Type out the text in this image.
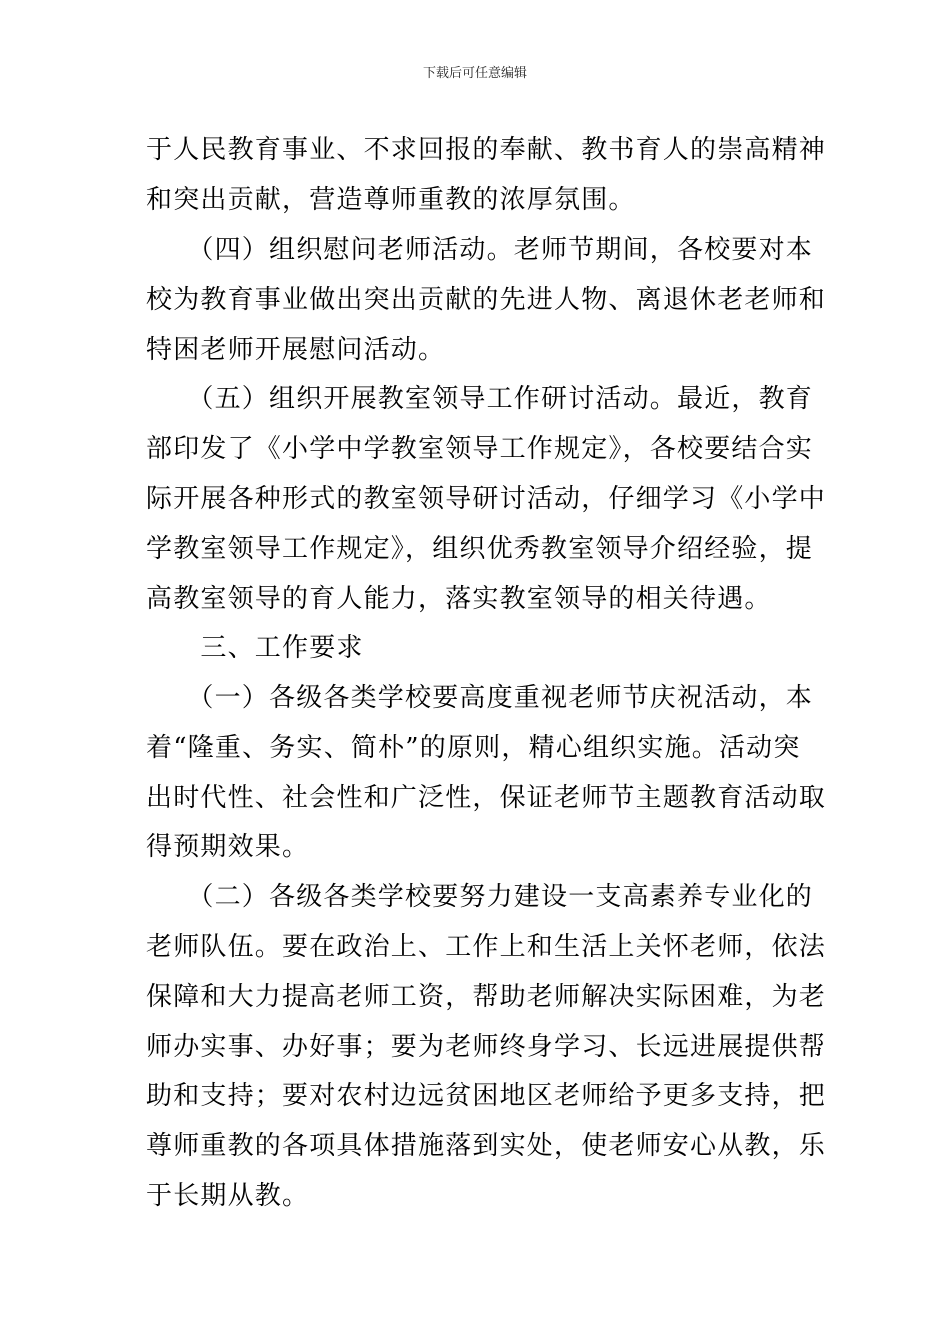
下载后可任意编辑
于人民教育事业、不求回报的奉献、教书育人的崇高精神
和突出贡献，营造尊师重教的浓厚氛围。
　　（四）组织慰问老师活动。老师节期间，各校要对本
校为教育事业做出突出贡献的先进人物、离退休老老师和
特困老师开展慰问活动。
　　（五）组织开展教室领导工作研讨活动。最近，教育
部印发了《小学中学教室领导工作规定》，各校要结合实
际开展各种形式的教室领导研讨活动，仔细学习《小学中
学教室领导工作规定》，组织优秀教室领导介绍经验，提
高教室领导的育人能力，落实教室领导的相关待遇。
　　三、工作要求
　　（一）各级各类学校要高度重视老师节庆祝活动，本
着“隆重、务实、简朴”的原则，精心组织实施。活动突
出时代性、社会性和广泛性，保证老师节主题教育活动取
得预期效果。
　　（二）各级各类学校要努力建设一支高素养专业化的
老师队伍。要在政治上、工作上和生活上关怀老师，依法
保障和大力提高老师工资，帮助老师解决实际困难，为老
师办实事、办好事；要为老师终身学习、长远进展提供帮
助和支持；要对农村边远贫困地区老师给予更多支持，把
尊师重教的各项具体措施落到实处，使老师安心从教，乐
于长期从教。
